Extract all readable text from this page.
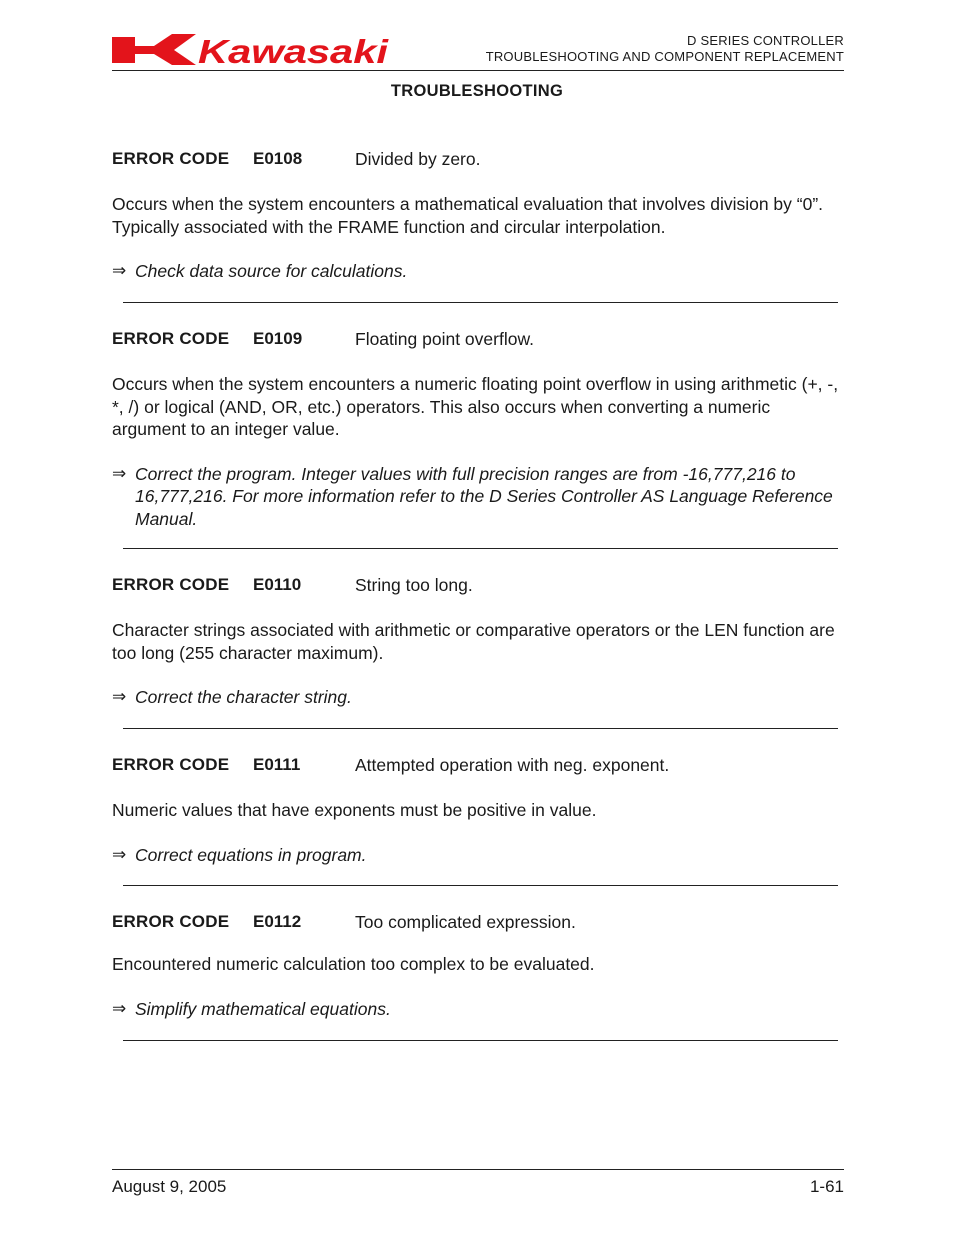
Kawasaki	D SERIES CONTROLLER
TROUBLESHOOTING AND COMPONENT REPLACEMENT
TROUBLESHOOTING
ERROR CODE E0108	Divided by zero.
Occurs when the system encounters a mathematical evaluation that involves division by “0”. Typically associated with the FRAME function and circular interpolation.
⇒ Check data source for calculations.
ERROR CODE E0109	Floating point overflow.
Occurs when the system encounters a numeric floating point overflow in using arithmetic (+, -, *, /) or logical (AND, OR, etc.) operators. This also occurs when converting a numeric argument to an integer value.
⇒ Correct the program. Integer values with full precision ranges are from -16,777,216 to 16,777,216. For more information refer to the D Series Controller AS Language Reference Manual.
ERROR CODE E0110	String too long.
Character strings associated with arithmetic or comparative operators or the LEN function are too long (255 character maximum).
⇒ Correct the character string.
ERROR CODE E0111	Attempted operation with neg. exponent.
Numeric values that have exponents must be positive in value.
⇒ Correct equations in program.
ERROR CODE E0112	Too complicated expression.
Encountered numeric calculation too complex to be evaluated.
⇒ Simplify mathematical equations.
August 9, 2005	1-61
